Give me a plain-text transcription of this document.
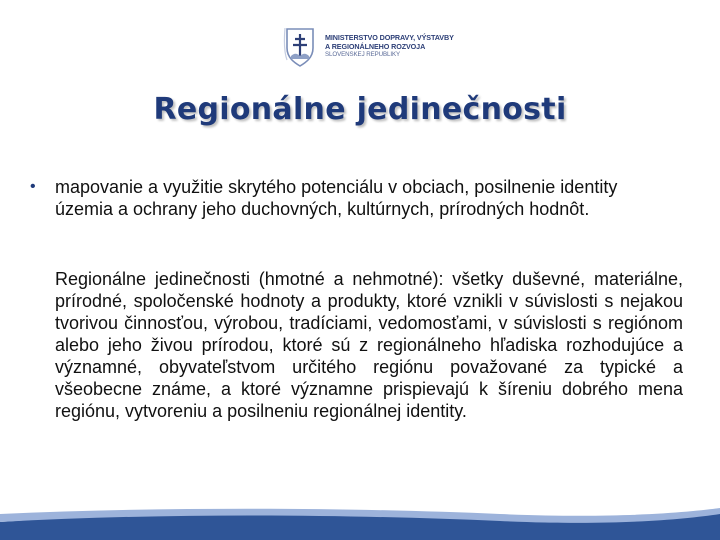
MINISTERSTVO DOPRAVY, VÝSTAVBY
A REGIONÁLNEHO ROZVOJA
SLOVENSKEJ REPUBLIKY
Regionálne jedinečnosti
•	mapovanie a využitie skrytého potenciálu v obciach, posilnenie identity územia a ochrany jeho duchovných, kultúrnych, prírodných hodnôt.
Regionálne jedinečnosti (hmotné a nehmotné): všetky duševné, materiálne, prírodné, spoločenské hodnoty a produkty, ktoré vznikli v súvislosti s nejakou tvorivou činnosťou, výrobou, tradíciami, vedomosťami, v súvislosti s regiónom alebo jeho živou prírodou, ktoré sú z regionálneho hľadiska rozhodujúce a významné, obyvateľstvom určitého regiónu považované za typické a všeobecne známe, a ktoré významne prispievajú k šíreniu dobrého mena regiónu, vytvoreniu a posilneniu regionálnej identity.
